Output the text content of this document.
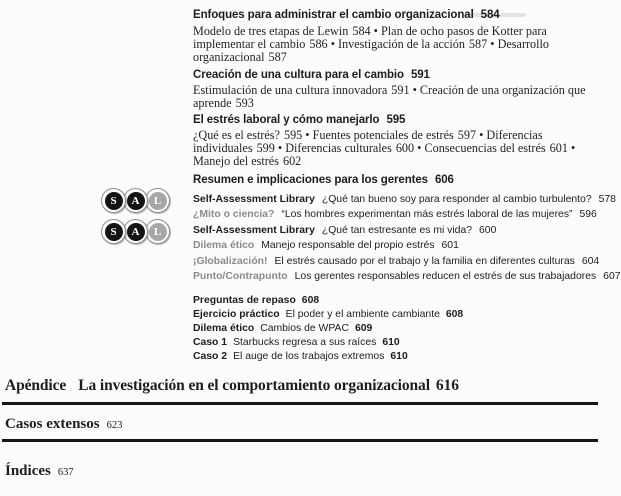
S	A	L
S	A	L

Enfoques para administrar el cambio organizacional 584

Modelo de tres etapas de Lewin 584 • Plan de ocho pasos de Kotter para implementar el cambio 586 • Investigación de la acción 587 • Desarrollo organizacional 587

Creación de una cultura para el cambio 591

Estimulación de una cultura innovadora 591 • Creación de una organización que aprende 593

El estrés laboral y cómo manejarlo 595

¿Qué es el estrés? 595 • Fuentes potenciales de estrés 597 • Diferencias individuales 599 • Diferencias culturales 600 • Consecuencias del estrés 601 • Manejo del estrés 602

Resumen e implicaciones para los gerentes 606

Self-Assessment Library ¿Qué tan bueno soy para responder al cambio turbulento? 578
¿Mito o ciencia? “Los hombres experimentan más estrés laboral de las mujeres” 596
Self-Assessment Library ¿Qué tan estresante es mi vida? 600
Dilema ético Manejo responsable del propio estrés 601
¡Globalización! El estrés causado por el trabajo y la familia en diferentes culturas 604
Punto/Contrapunto Los gerentes responsables reducen el estrés de sus trabajadores 607
Preguntas de repaso 608
Ejercicio práctico El poder y el ambiente cambiante 608
Dilema ético Cambios de WPAC 609
Caso 1 Starbucks regresa a sus raíces 610
Caso 2 El auge de los trabajos extremos 610
Apéndice La investigación en el comportamiento organizacional 616
Casos extensos 623
Índices 637
